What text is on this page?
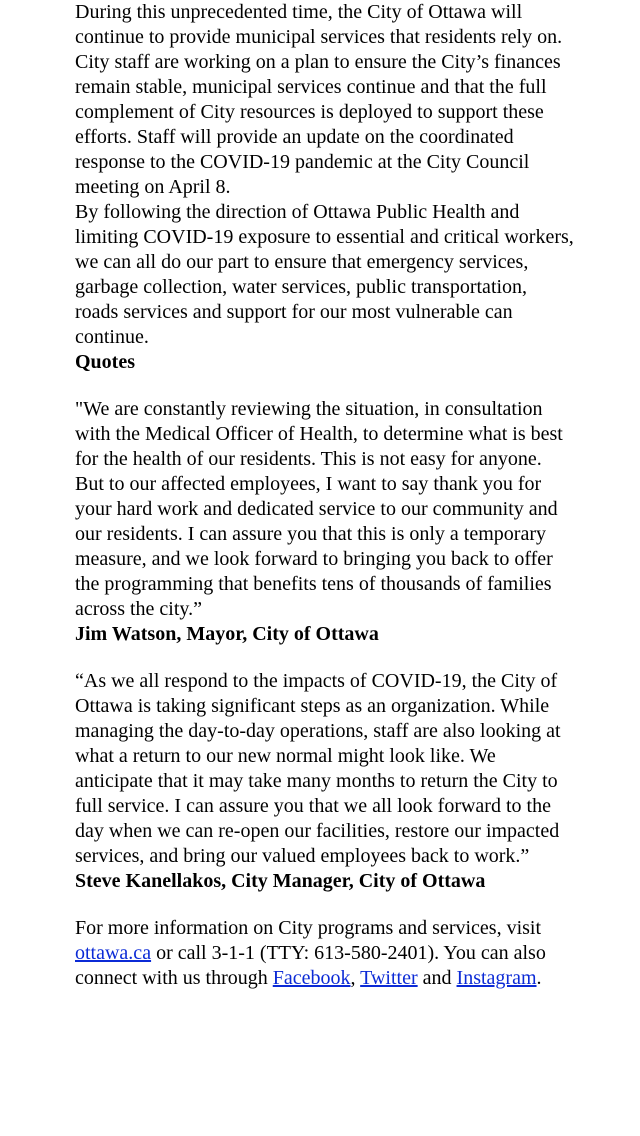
During this unprecedented time, the City of Ottawa will continue to provide municipal services that residents rely on. City staff are working on a plan to ensure the City’s finances remain stable, municipal services continue and that the full complement of City resources is deployed to support these efforts. Staff will provide an update on the coordinated response to the COVID-19 pandemic at the City Council meeting on April 8.

By following the direction of Ottawa Public Health and limiting COVID-19 exposure to essential and critical workers, we can all do our part to ensure that emergency services, garbage collection, water services, public transportation, roads services and support for our most vulnerable can continue.

Quotes

"We are constantly reviewing the situation, in consultation with the Medical Officer of Health, to determine what is best for the health of our residents. This is not easy for anyone. But to our affected employees, I want to say thank you for your hard work and dedicated service to our community and our residents. I can assure you that this is only a temporary measure, and we look forward to bringing you back to offer the programming that benefits tens of thousands of families across the city.”

Jim Watson, Mayor, City of Ottawa

“As we all respond to the impacts of COVID-19, the City of Ottawa is taking significant steps as an organization. While managing the day-to-day operations, staff are also looking at what a return to our new normal might look like. We anticipate that it may take many months to return the City to full service. I can assure you that we all look forward to the day when we can re-open our facilities, restore our impacted services, and bring our valued employees back to work.”

Steve Kanellakos, City Manager, City of Ottawa

For more information on City programs and services, visit ottawa.ca or call 3-1-1 (TTY: 613-580-2401). You can also connect with us through Facebook, Twitter and Instagram.
